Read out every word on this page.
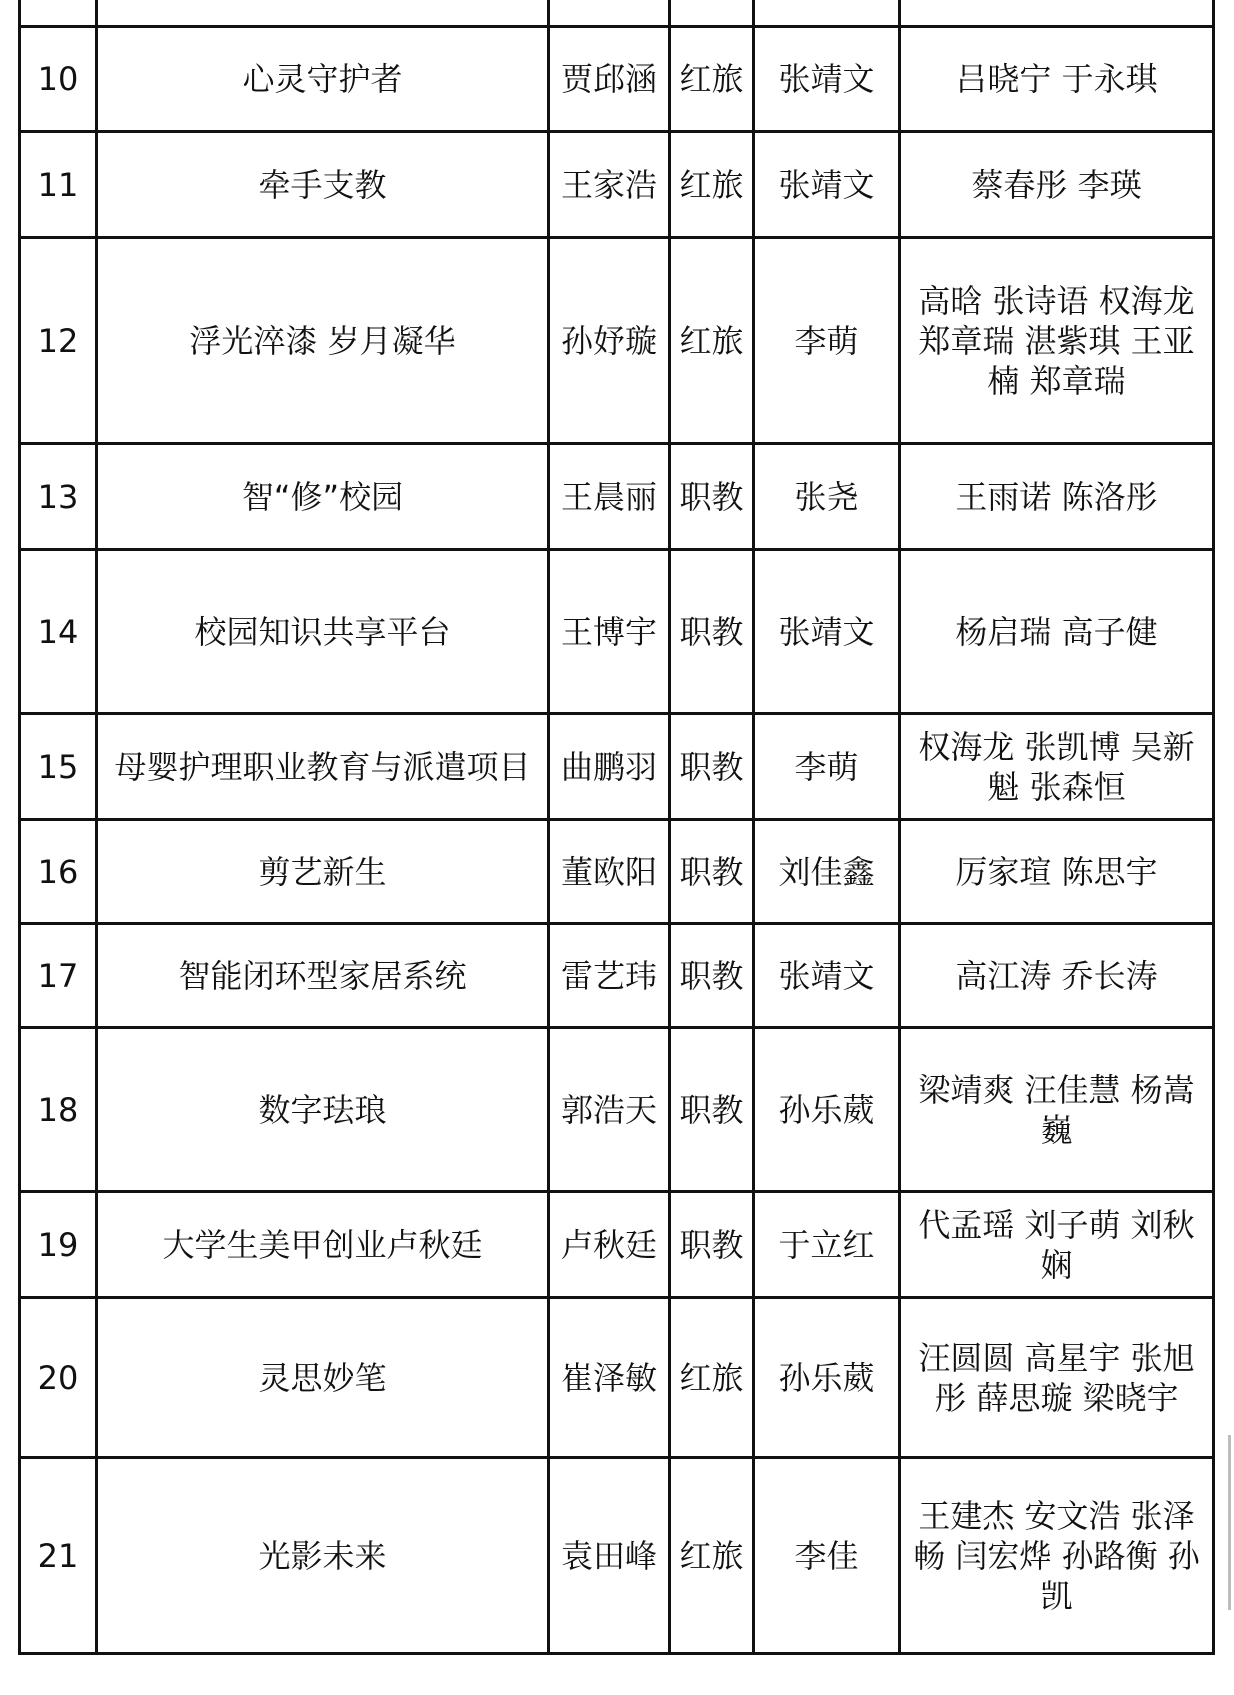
10	心灵守护者	贾邱涵	红旅	张靖文	吕晓宁 于永琪
11	牵手支教	王家浩	红旅	张靖文	蔡春彤 李瑛
12	浮光淬漆 岁月凝华	孙妤璇	红旅	李萌	高晗 张诗语 权海龙 郑章瑞 湛紫琪 王亚楠 郑章瑞
13	智“修”校园	王晨丽	职教	张尧	王雨诺 陈洛彤
14	校园知识共享平台	王博宇	职教	张靖文	杨启瑞 高子健
15	母婴护理职业教育与派遣项目	曲鹏羽	职教	李萌	权海龙 张凯博 吴新魁 张森恒
16	剪艺新生	董欧阳	职教	刘佳鑫	厉家瑄 陈思宇
17	智能闭环型家居系统	雷艺玮	职教	张靖文	高江涛 乔长涛
18	数字珐琅	郭浩天	职教	孙乐葳	梁靖爽 汪佳慧 杨嵩巍
19	大学生美甲创业卢秋廷	卢秋廷	职教	于立红	代孟瑶 刘子萌 刘秋娴
20	灵思妙笔	崔泽敏	红旅	孙乐葳	汪圆圆 高星宇 张旭彤 薛思璇 梁晓宇
21	光影未来	袁田峰	红旅	李佳	王建杰 安文浩 张泽畅 闫宏烨 孙路衡 孙凯
